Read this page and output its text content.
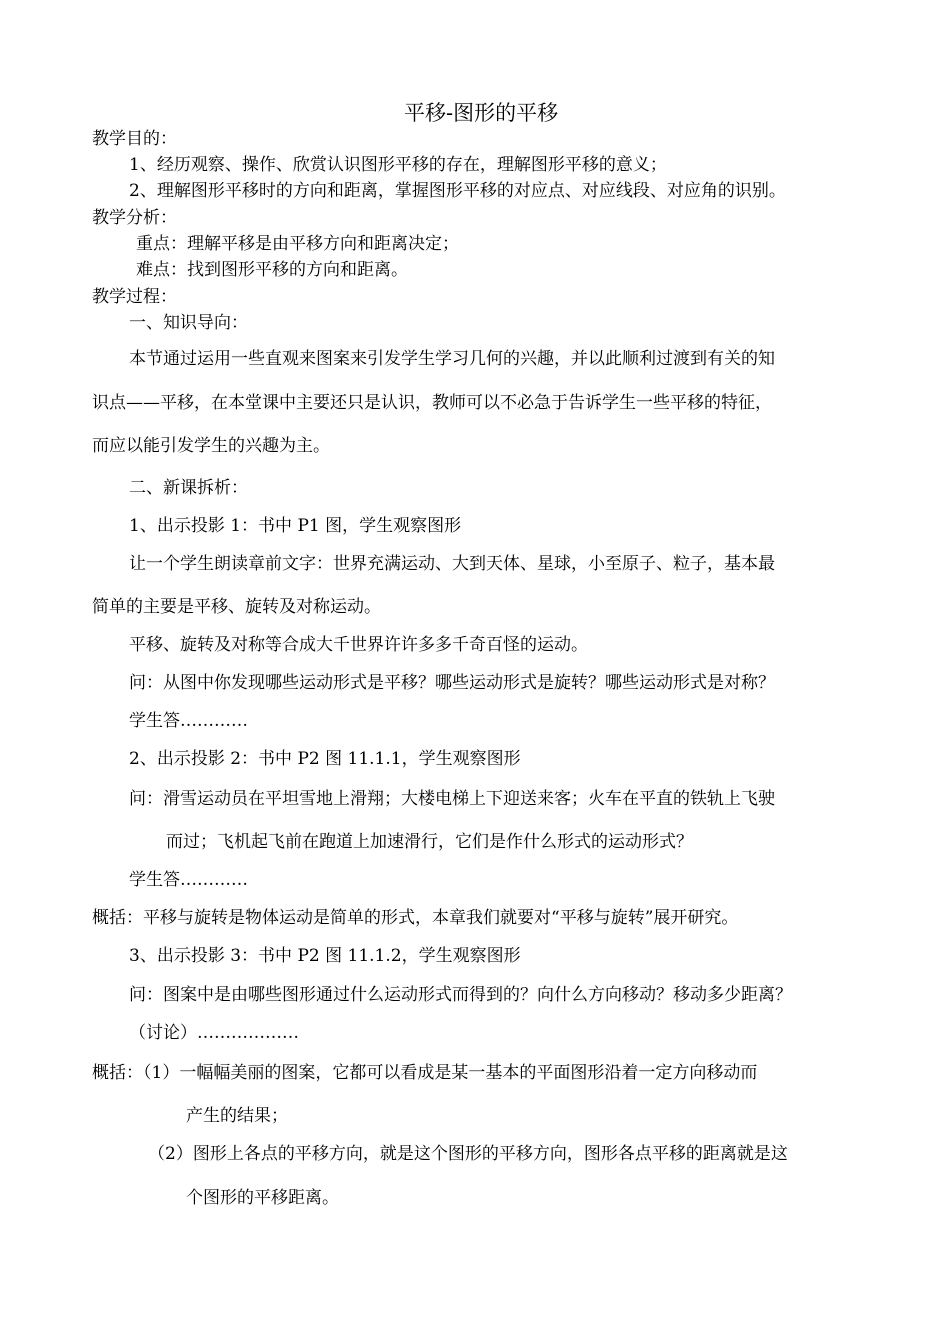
平移-图形的平移
教学目的：
1、经历观察、操作、欣赏认识图形平移的存在，理解图形平移的意义；
2、理解图形平移时的方向和距离，掌握图形平移的对应点、对应线段、对应角的识别。
教学分析：
重点：理解平移是由平移方向和距离决定；
难点：找到图形平移的方向和距离。
教学过程：
一、知识导向：
本节通过运用一些直观来图案来引发学生学习几何的兴趣，并以此顺利过渡到有关的知
识点——平移，在本堂课中主要还只是认识，教师可以不必急于告诉学生一些平移的特征，
而应以能引发学生的兴趣为主。
二、新课拆析：
1、出示投影 1：书中 P1 图，学生观察图形
让一个学生朗读章前文字：世界充满运动、大到天体、星球，小至原子、粒子，基本最
简单的主要是平移、旋转及对称运动。
平移、旋转及对称等合成大千世界许许多多千奇百怪的运动。
问：从图中你发现哪些运动形式是平移？哪些运动形式是旋转？哪些运动形式是对称？
学生答…………
2、出示投影 2：书中 P2 图 11.1.1，学生观察图形
问：滑雪运动员在平坦雪地上滑翔；大楼电梯上下迎送来客；火车在平直的铁轨上飞驶
而过；飞机起飞前在跑道上加速滑行，它们是作什么形式的运动形式？
学生答…………
概括：平移与旋转是物体运动是简单的形式，本章我们就要对“平移与旋转”展开研究。
3、出示投影 3：书中 P2 图 11.1.2，学生观察图形
问：图案中是由哪些图形通过什么运动形式而得到的？向什么方向移动？移动多少距离？
（讨论）………………
概括：（1）一幅幅美丽的图案，它都可以看成是某一基本的平面图形沿着一定方向移动而
产生的结果；
（2）图形上各点的平移方向，就是这个图形的平移方向，图形各点平移的距离就是这
个图形的平移距离。
